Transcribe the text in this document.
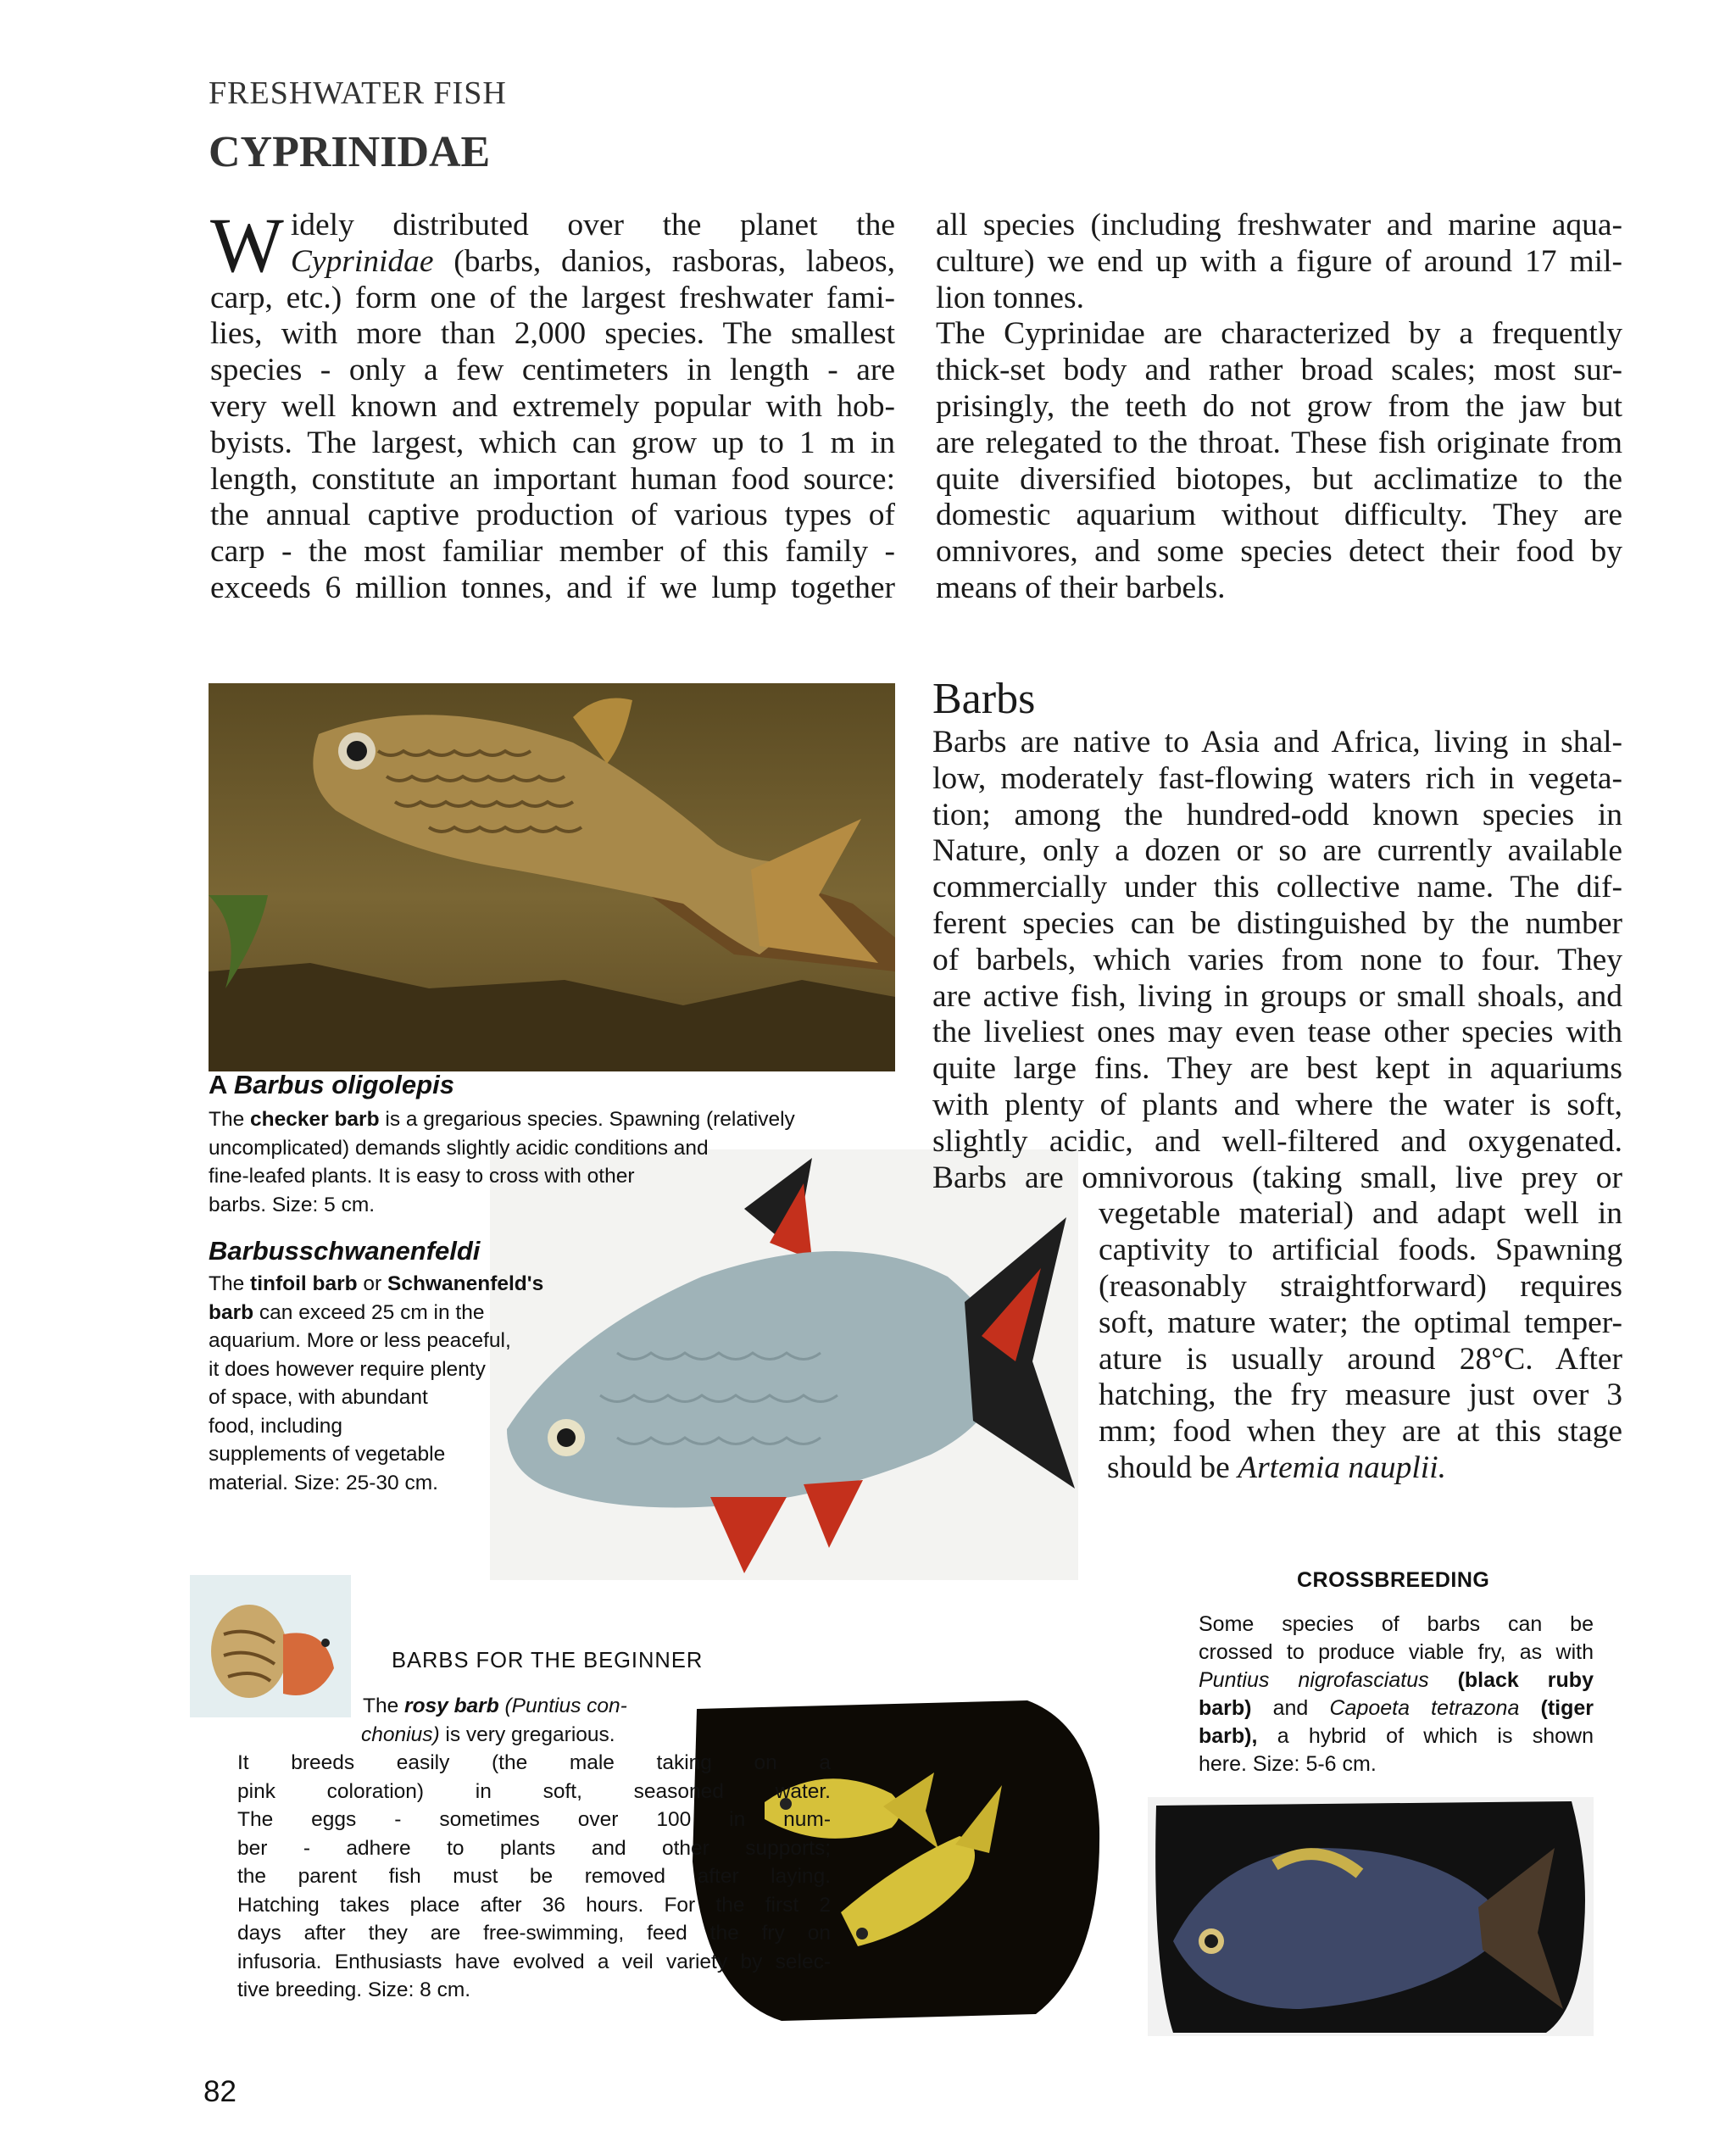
FRESHWATER FISH
CYPRINIDAE
W idely distributed over the planet the
Cyprinidae (barbs, danios, rasboras, labeos,
carp, etc.) form one of the largest freshwater fami-
lies, with more than 2,000 species. The smallest
species - only a few centimeters in length - are
very well known and extremely popular with hob-
byists. The largest, which can grow up to 1 m in
length, constitute an important human food source:
the annual captive production of various types of
carp - the most familiar member of this family -
exceeds 6 million tonnes, and if we lump together
all species (including freshwater and marine aqua-
culture) we end up with a figure of around 17 mil-
lion tonnes.
The Cyprinidae are characterized by a frequently
thick-set body and rather broad scales; most sur-
prisingly, the teeth do not grow from the jaw but
are relegated to the throat. These fish originate from
quite diversified biotopes, but acclimatize to the
domestic aquarium without difficulty. They are
omnivores, and some species detect their food by
means of their barbels.
A Barbus oligolepis
The checker barb is a gregarious species. Spawning (relatively
uncomplicated) demands slightly acidic conditions and
fine-leafed plants. It is easy to cross with other
barbs. Size: 5 cm.
Barbusschwanenfeldi
The tinfoil barb or Schwanenfeld's
barb can exceed 25 cm in the
aquarium. More or less peaceful,
it does however require plenty
of space, with abundant
food, including
supplements of vegetable
material. Size: 25-30 cm.
Barbs
Barbs are native to Asia and Africa, living in shal-
low, moderately fast-flowing waters rich in vegeta-
tion; among the hundred-odd known species in
Nature, only a dozen or so are currently available
commercially under this collective name. The dif-
ferent species can be distinguished by the number
of barbels, which varies from none to four. They
are active fish, living in groups or small shoals, and
the liveliest ones may even tease other species with
quite large fins. They are best kept in aquariums
with plenty of plants and where the water is soft,
slightly acidic, and well-filtered and oxygenated.
Barbs are omnivorous (taking small, live prey or
vegetable material) and adapt well in
captivity to artificial foods. Spawning
(reasonably straightforward) requires
soft, mature water; the optimal temper-
ature is usually around 28°C. After
hatching, the fry measure just over 3
mm; food when they are at this stage
should be Artemia nauplii.
CROSSBREEDING
Some species of barbs can be
crossed to produce viable fry, as with
Puntius nigrofasciatus (black ruby
barb) and Capoeta tetrazona (tiger
barb), a hybrid of which is shown
here. Size: 5-6 cm.
BARBS FOR THE BEGINNER
The rosy barb (Puntius con-
chonius) is very gregarious.
It breeds easily (the male taking on a
pink coloration) in soft, seasoned water.
The eggs - sometimes over 100 in num-
ber - adhere to plants and other supports;
the parent fish must be removed after laying.
Hatching takes place after 36 hours. For the first 2
days after they are free-swimming, feed the fry on
infusoria. Enthusiasts have evolved a veil variety by selec-
tive breeding. Size: 8 cm.
82
